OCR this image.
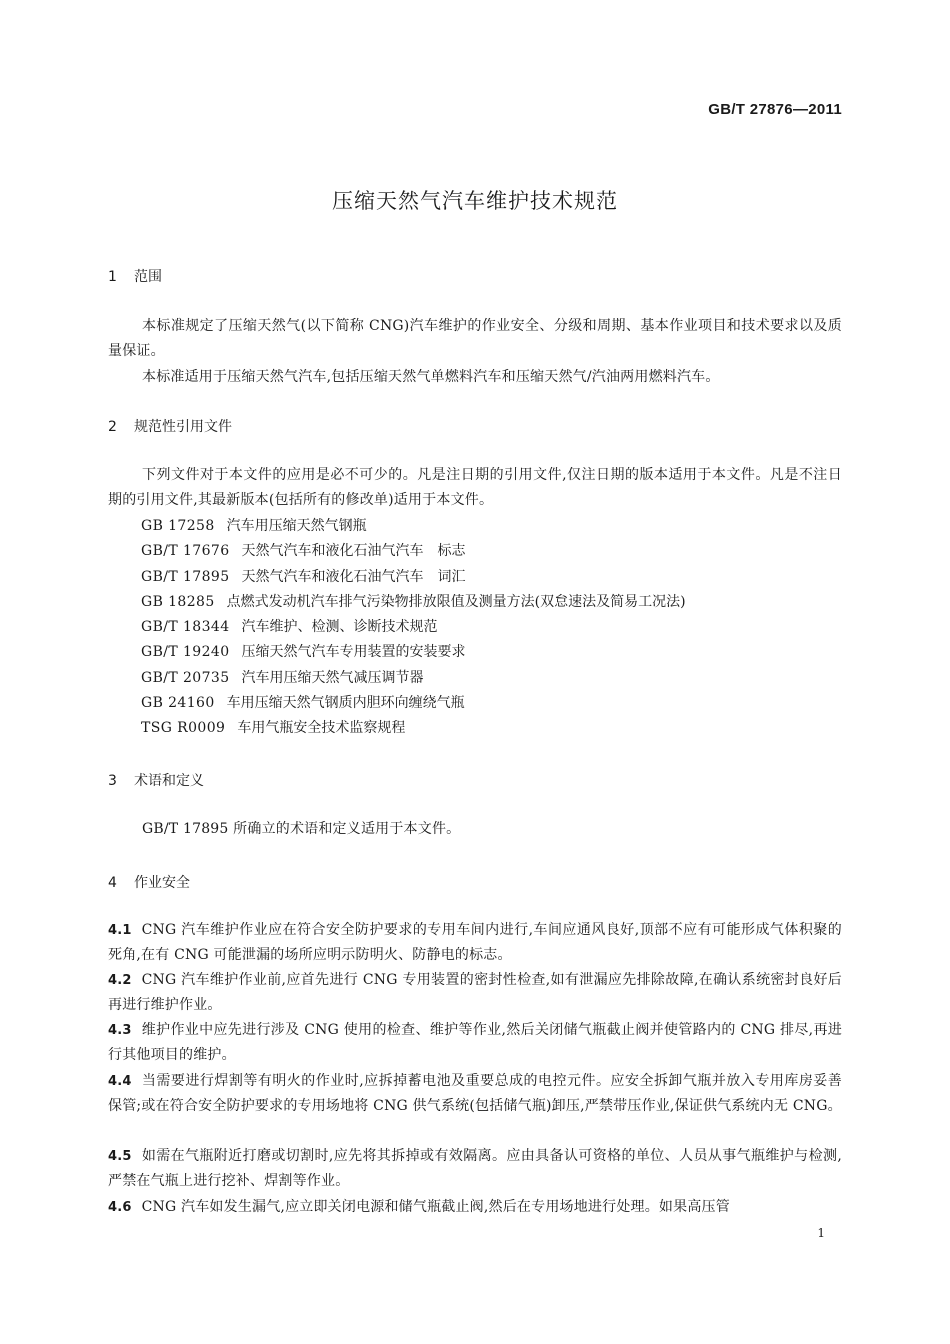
GB/T 27876—2011
压缩天然气汽车维护技术规范
1 范围
本标准规定了压缩天然气(以下简称 CNG)汽车维护的作业安全、分级和周期、基本作业项目和技术要求以及质量保证。
本标准适用于压缩天然气汽车,包括压缩天然气单燃料汽车和压缩天然气/汽油两用燃料汽车。
2 规范性引用文件
下列文件对于本文件的应用是必不可少的。凡是注日期的引用文件,仅注日期的版本适用于本文件。凡是不注日期的引用文件,其最新版本(包括所有的修改单)适用于本文件。
GB 17258 汽车用压缩天然气钢瓶
GB/T 17676 天然气汽车和液化石油气汽车　标志
GB/T 17895 天然气汽车和液化石油气汽车　词汇
GB 18285 点燃式发动机汽车排气污染物排放限值及测量方法(双怠速法及简易工况法)
GB/T 18344 汽车维护、检测、诊断技术规范
GB/T 19240 压缩天然气汽车专用装置的安装要求
GB/T 20735 汽车用压缩天然气减压调节器
GB 24160 车用压缩天然气钢质内胆环向缠绕气瓶
TSG R0009 车用气瓶安全技术监察规程
3 术语和定义
GB/T 17895 所确立的术语和定义适用于本文件。
4 作业安全
4.1 CNG 汽车维护作业应在符合安全防护要求的专用车间内进行,车间应通风良好,顶部不应有可能形成气体积聚的死角,在有 CNG 可能泄漏的场所应明示防明火、防静电的标志。
4.2 CNG 汽车维护作业前,应首先进行 CNG 专用装置的密封性检查,如有泄漏应先排除故障,在确认系统密封良好后再进行维护作业。
4.3 维护作业中应先进行涉及 CNG 使用的检查、维护等作业,然后关闭储气瓶截止阀并使管路内的 CNG 排尽,再进行其他项目的维护。
4.4 当需要进行焊割等有明火的作业时,应拆掉蓄电池及重要总成的电控元件。应安全拆卸气瓶并放入专用库房妥善保管;或在符合安全防护要求的专用场地将 CNG 供气系统(包括储气瓶)卸压,严禁带压作业,保证供气系统内无 CNG。
4.5 如需在气瓶附近打磨或切割时,应先将其拆掉或有效隔离。应由具备认可资格的单位、人员从事气瓶维护与检测,严禁在气瓶上进行挖补、焊割等作业。
4.6 CNG 汽车如发生漏气,应立即关闭电源和储气瓶截止阀,然后在专用场地进行处理。如果高压管
1
